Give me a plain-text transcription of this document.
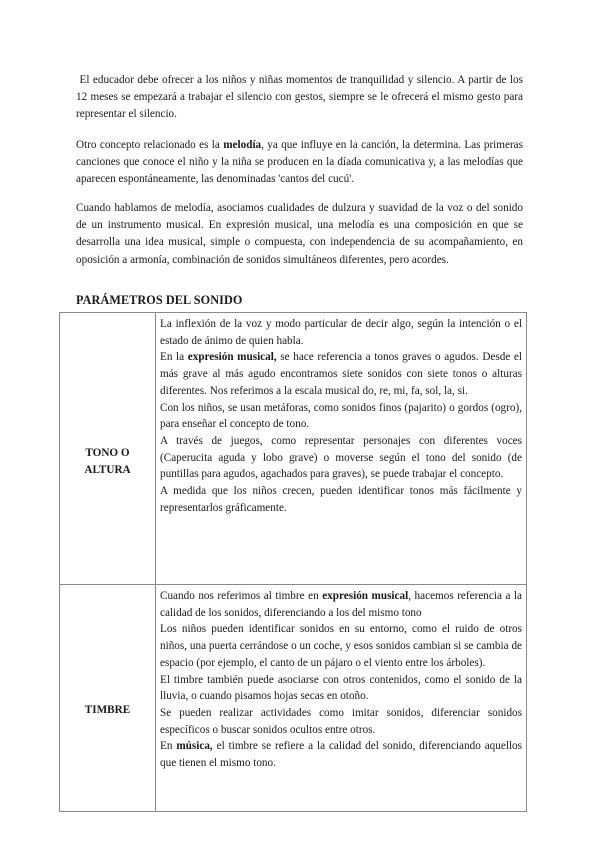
El educador debe ofrecer a los niños y niñas momentos de tranquilidad y silencio. A partir de los 12 meses se empezará a trabajar el silencio con gestos, siempre se le ofrecerá el mismo gesto para representar el silencio.

Otro concepto relacionado es la melodía, ya que influye en la canción, la determina. Las primeras canciones que conoce el niño y la niña se producen en la díada comunicativa y, a las melodías que aparecen espontáneamente, las denominadas 'cantos del cucú'.

Cuando hablamos de melodía, asociamos cualidades de dulzura y suavidad de la voz o del sonido de un instrumento musical. En expresión musical, una melodía es una composición en que se desarrolla una idea musical, simple o compuesta, con independencia de su acompañamiento, en oposición a armonía, combinación de sonidos simultáneos diferentes, pero acordes.

PARÁMETROS DEL SONIDO
TONO O
ALTURA	La inflexión de la voz y modo particular de decir algo, según la intención o el estado de ánimo de quien habla.
En la expresión musical, se hace referencia a tonos graves o agudos. Desde el más grave al más agudo encontramos siete sonidos con siete tonos o alturas diferentes. Nos referimos a la escala musical do, re, mi, fa, sol, la, si.
Con los niños, se usan metáforas, como sonidos finos (pajarito) o gordos (ogro), para enseñar el concepto de tono.
A través de juegos, como representar personajes con diferentes voces (Caperucita aguda y lobo grave) o moverse según el tono del sonido (de puntillas para agudos, agachados para graves), se puede trabajar el concepto.
A medida que los niños crecen, pueden identificar tonos más fácilmente y representarlos gráficamente.

TIMBRE	Cuando nos referimos al timbre en expresión musical, hacemos referencia a la calidad de los sonidos, diferenciando a los del mismo tono
Los niños pueden identificar sonidos en su entorno, como el ruido de otros niños, una puerta cerrándose o un coche, y esos sonidos cambian si se cambia de espacio (por ejemplo, el canto de un pájaro o el viento entre los árboles).
El timbre también puede asociarse con otros contenidos, como el sonido de la lluvia, o cuando pisamos hojas secas en otoño.
Se pueden realizar actividades como imitar sonidos, diferenciar sonidos específicos o buscar sonidos ocultos entre otros.
En música, el timbre se refiere a la calidad del sonido, diferenciando aquellos que tienen el mismo tono.
